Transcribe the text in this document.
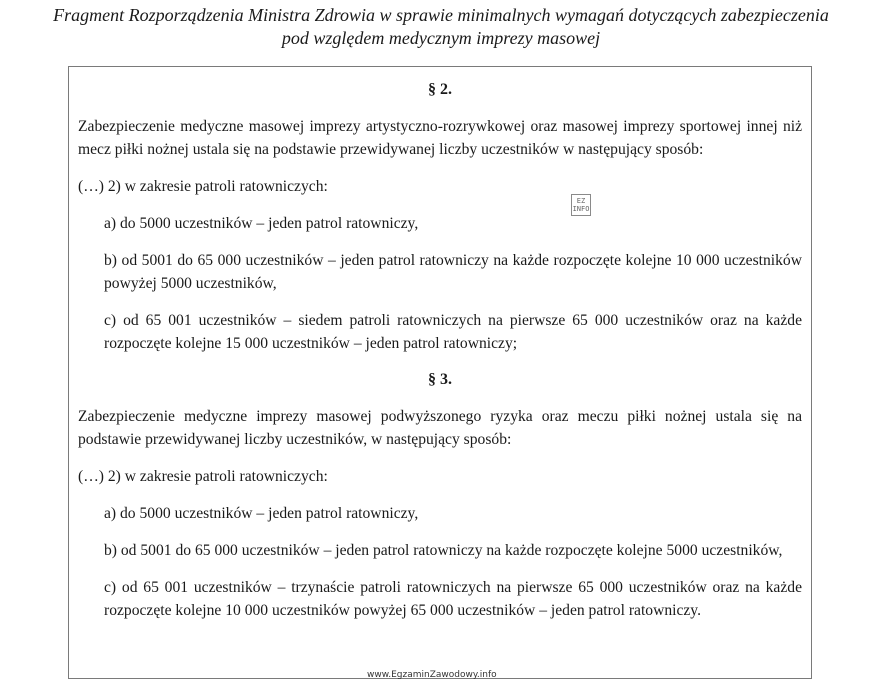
Fragment Rozporządzenia Ministra Zdrowia w sprawie minimalnych wymagań dotyczących zabezpieczenia
pod względem medycznym imprezy masowej
§ 2.
Zabezpieczenie medyczne masowej imprezy artystyczno-rozrywkowej oraz masowej imprezy sportowej innej niż mecz piłki nożnej ustala się na podstawie przewidywanej liczby uczestników w następujący sposób:
(…) 2) w zakresie patroli ratowniczych:
a) do 5000 uczestników – jeden patrol ratowniczy,
b) od 5001 do 65 000 uczestników – jeden patrol ratowniczy na każde rozpoczęte kolejne 10 000 uczestników powyżej 5000 uczestników,
c) od 65 001 uczestników – siedem patroli ratowniczych na pierwsze 65 000 uczestników oraz na każde rozpoczęte kolejne 15 000 uczestników – jeden patrol ratowniczy;
§ 3.
Zabezpieczenie medyczne imprezy masowej podwyższonego ryzyka oraz meczu piłki nożnej ustala się na podstawie przewidywanej liczby uczestników, w następujący sposób:
(…) 2) w zakresie patroli ratowniczych:
a) do 5000 uczestników – jeden patrol ratowniczy,
b) od 5001 do 65 000 uczestników – jeden patrol ratowniczy na każde rozpoczęte kolejne 5000 uczestników,
c) od 65 001 uczestników – trzynaście patroli ratowniczych na pierwsze 65 000 uczestników oraz na każde rozpoczęte kolejne 10 000 uczestników powyżej 65 000 uczestników – jeden patrol ratowniczy.
EZ
INFO
www.EgzaminZawodowy.info
